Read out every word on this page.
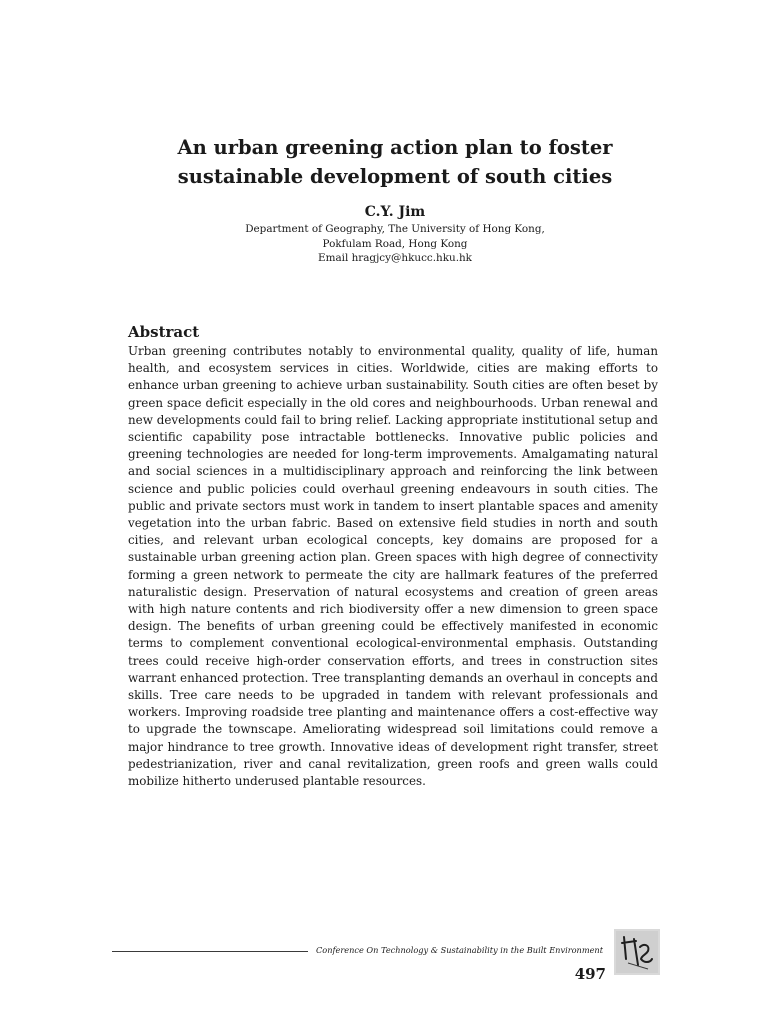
An urban greening action plan to foster
sustainable development of south cities
C.Y. Jim
Department of Geography, The University of Hong Kong,
Pokfulam Road, Hong Kong
Email hragjcy@hkucc.hku.hk
Abstract

Urban greening contributes notably to environmental quality, quality of life, human health, and ecosystem services in cities. Worldwide, cities are making efforts to enhance urban greening to achieve urban sustainability. South cities are often beset by green space deficit especially in the old cores and neighbourhoods. Urban renewal and new developments could fail to bring relief. Lacking appropriate institutional setup and scientific capability pose intractable bottlenecks. Innovative public policies and greening technologies are needed for long-term improvements. Amalgamating natural and social sciences in a multidisciplinary approach and reinforcing the link between science and public policies could overhaul greening endeavours in south cities. The public and private sectors must work in tandem to insert plantable spaces and amenity vegetation into the urban fabric. Based on extensive field studies in north and south cities, and relevant urban ecological concepts, key domains are proposed for a sustainable urban greening action plan. Green spaces with high degree of connectivity forming a green network to permeate the city are hallmark features of the preferred naturalistic design. Preservation of natural ecosystems and creation of green areas with high nature contents and rich biodiversity offer a new dimension to green space design. The benefits of urban greening could be effectively manifested in economic terms to complement conventional ecological-environmental emphasis. Outstanding trees could receive high-order conservation efforts, and trees in construction sites warrant enhanced protection. Tree transplanting demands an overhaul in concepts and skills. Tree care needs to be upgraded in tandem with relevant professionals and workers. Improving roadside tree planting and maintenance offers a cost-effective way to upgrade the townscape. Ameliorating widespread soil limitations could remove a major hindrance to tree growth. Innovative ideas of development right transfer, street pedestrianization, river and canal revitalization, green roofs and green walls could mobilize hitherto underused plantable resources.

Conference On Technology & Sustainability in the Built Environment
497
